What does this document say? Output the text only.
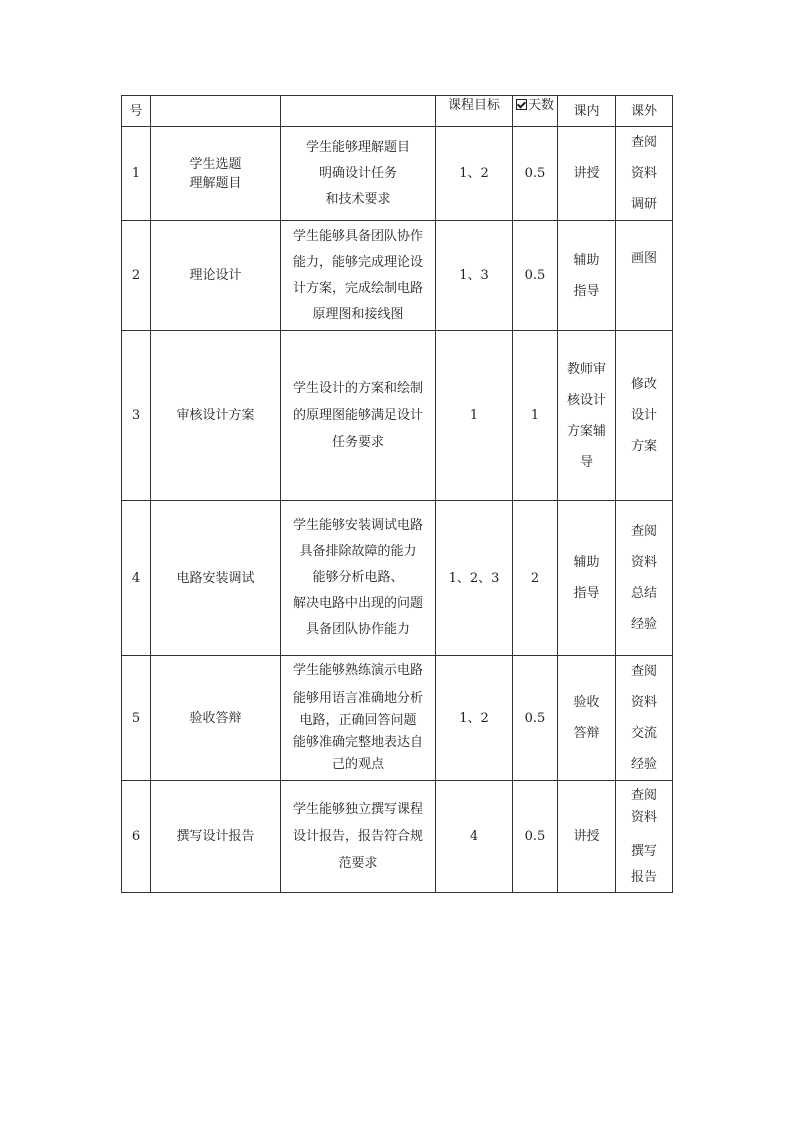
号			课程目标	天数	课内	课外
1	学生选题
理解题目	学生能够理解题目
明确设计任务
和技术要求	1、2	0.5	讲授	查阅
资料
调研

2	理论设计	学生能够具备团队协作
能力，能够完成理论设
计方案，完成绘制电路
原理图和接线图	1、3	0.5	辅助
指导	画图

3	审核设计方案	学生设计的方案和绘制
的原理图能够满足设计
任务要求	1	1	教师审
核设计
方案辅
导	修改
设计
方案

4	电路安装调试	学生能够安装调试电路
具备排除故障的能力
能够分析电路、
解决电路中出现的问题
具备团队协作能力	1、2、3	2	辅助
指导	查阅
资料
总结
经验

5	验收答辩	学生能够熟练演示电路
能够用语言准确地分析
电路，正确回答问题
能够准确完整地表达自
己的观点	1、2	0.5	验收
答辩	查阅
资料
交流
经验

6	撰写设计报告	学生能够独立撰写课程
设计报告，报告符合规
范要求	4	0.5	讲授	查阅
资料
撰写
报告
